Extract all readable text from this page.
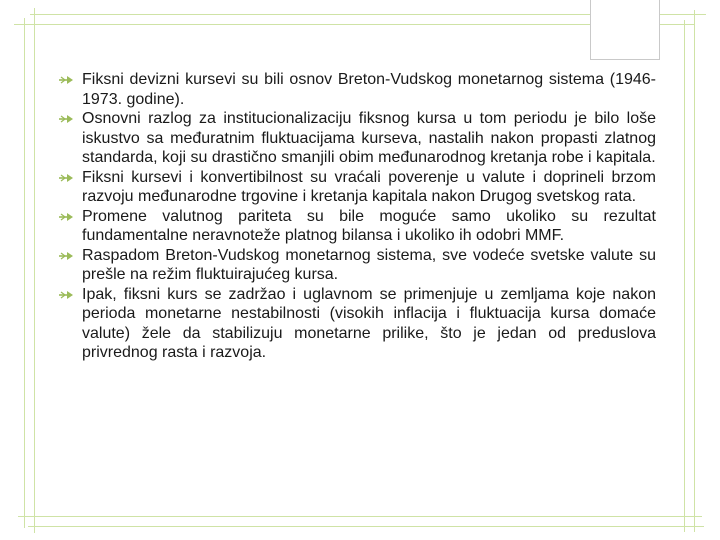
Fiksni devizni kursevi su bili osnov Breton-Vudskog monetarnog sistema (1946-1973. godine).
Osnovni razlog za institucionalizaciju fiksnog kursa u tom periodu je bilo loše iskustvo sa međuratnim fluktuacijama kurseva, nastalih nakon propasti zlatnog standarda, koji su drastično smanjili obim međunarodnog kretanja robe i kapitala.
Fiksni kursevi i konvertibilnost su vraćali poverenje u valute i doprineli brzom razvoju međunarodne trgovine i kretanja kapitala nakon Drugog svetskog rata.
Promene valutnog pariteta su bile moguće samo ukoliko su rezultat fundamentalne neravnoteže platnog bilansa i ukoliko ih odobri MMF.
Raspadom Breton-Vudskog monetarnog sistema, sve vodeće svetske valute su prešle na režim fluktuirajućeg kursa.
Ipak, fiksni kurs se zadržao i uglavnom se primenjuje u zemljama koje nakon perioda monetarne nestabilnosti (visokih inflacija i fluktuacija kursa domaće valute) žele da stabilizuju monetarne prilike, što je jedan od preduslova privrednog rasta i razvoja.
